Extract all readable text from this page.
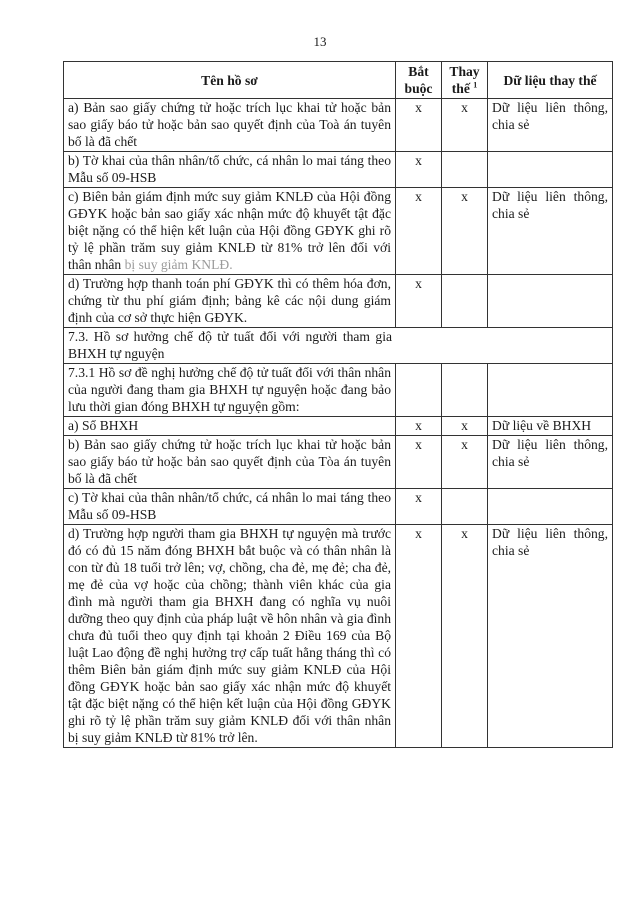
13
Tên hồ sơ	Bắt buộc	Thay thế $^1$	Dữ liệu thay thế
a) Bản sao giấy chứng tử hoặc trích lục khai tử hoặc bản sao giấy báo tử hoặc bản sao quyết định của Toà án tuyên bố là đã chết	x	x	Dữ liệu liên thông, chia sẻ
b) Tờ khai của thân nhân/tổ chức, cá nhân lo mai táng theo Mẫu số 09-HSB	x		
c) Biên bản giám định mức suy giảm KNLĐ của Hội đồng GĐYK hoặc bản sao giấy xác nhận mức độ khuyết tật đặc biệt nặng có thể hiện kết luận của Hội đồng GĐYK ghi rõ tỷ lệ phần trăm suy giảm KNLĐ từ 81% trở lên đối với thân nhân bị suy giảm KNLĐ.	x	x	Dữ liệu liên thông, chia sẻ
d) Trường hợp thanh toán phí GĐYK thì có thêm hóa đơn, chứng từ thu phí giám định; bảng kê các nội dung giám định của cơ sở thực hiện GĐYK.	x		

7.3. Hồ sơ hưởng chế độ tử tuất đối với người tham gia BHXH tự nguyện			

7.3.1 Hồ sơ đề nghị hưởng chế độ tử tuất đối với thân nhân của người đang tham gia BHXH tự nguyện hoặc đang bảo lưu thời gian đóng BHXH tự nguyện gồm:			
a) Sổ BHXH	x	x	Dữ liệu về BHXH
b) Bản sao giấy chứng tử hoặc trích lục khai tử hoặc bản sao giấy báo tử hoặc bản sao quyết định của Tòa án tuyên bố là đã chết	x	x	Dữ liệu liên thông, chia sẻ
c) Tờ khai của thân nhân/tổ chức, cá nhân lo mai táng theo Mẫu số 09-HSB	x		
d) Trường hợp người tham gia BHXH tự nguyện mà trước đó có đủ 15 năm đóng BHXH bắt buộc và có thân nhân là con từ đủ 18 tuổi trở lên; vợ, chồng, cha đẻ, mẹ đẻ; cha đẻ, mẹ đẻ của vợ hoặc của chồng; thành viên khác của gia đình mà người tham gia BHXH đang có nghĩa vụ nuôi dưỡng theo quy định của pháp luật về hôn nhân và gia đình chưa đủ tuổi theo quy định tại khoản 2 Điều 169 của Bộ luật Lao động đề nghị hưởng trợ cấp tuất hằng tháng thì có thêm Biên bản giám định mức suy giảm KNLĐ của Hội đồng GĐYK hoặc bản sao giấy xác nhận mức độ khuyết tật đặc biệt nặng có thể hiện kết luận của Hội đồng GĐYK ghi rõ tỷ lệ phần trăm suy giảm KNLĐ đối với thân nhân bị suy giảm KNLĐ từ 81% trở lên.	x	x	Dữ liệu liên thông, chia sẻ
